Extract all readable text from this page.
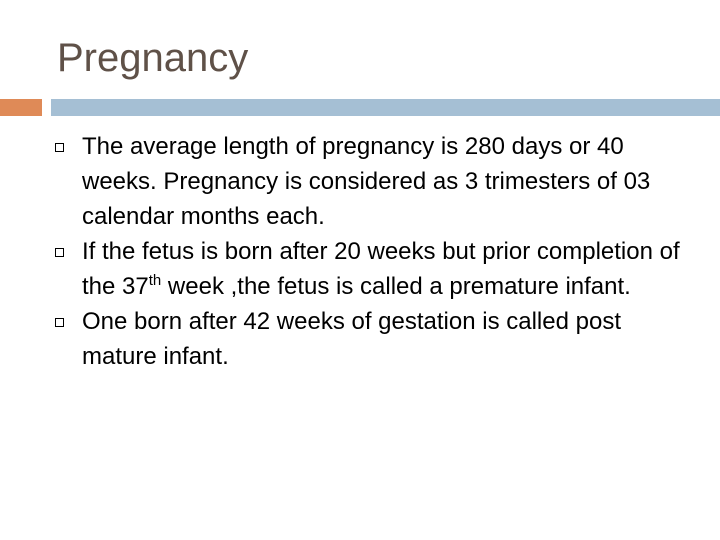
Pregnancy
The average length of pregnancy is 280 days or 40 weeks. Pregnancy is considered as 3 trimesters of 03 calendar months each.
If the fetus is born after 20 weeks but prior completion of the 37th week ,the fetus is called a premature infant.
One born after 42 weeks of gestation is called post mature infant.
